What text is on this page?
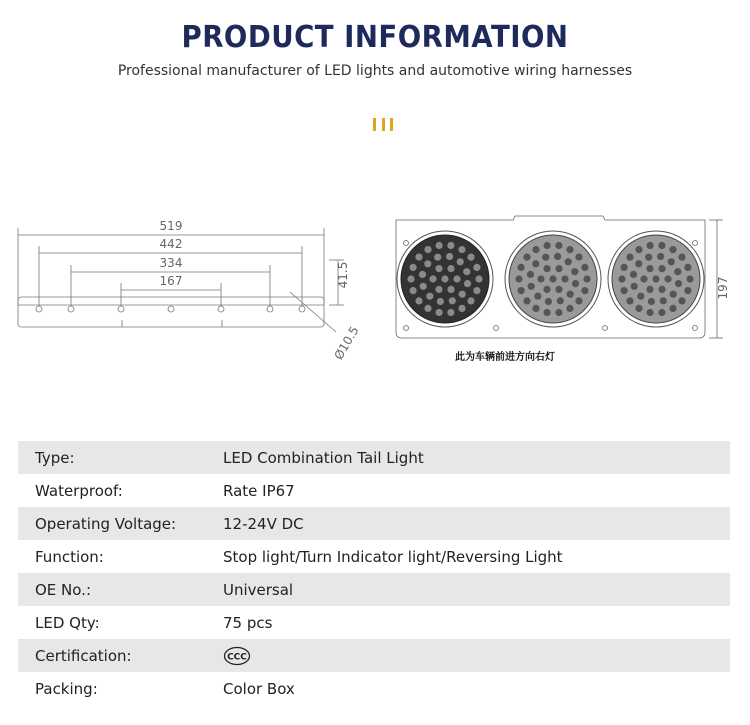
PRODUCT INFORMATION
Professional manufacturer of LED lights and automotive wiring harnesses
519
442
334
167	41.5
Ø10.5
197
此为车辆前进方向右灯
Type:	LED Combination Tail Light
Waterproof:	Rate IP67
Operating Voltage:	12-24V DC
Function:	Stop light/Turn Indicator light/Reversing Light
OE No.:	Universal
LED Qty:	75 pcs
Certification:	CCC
Packing:	Color Box
